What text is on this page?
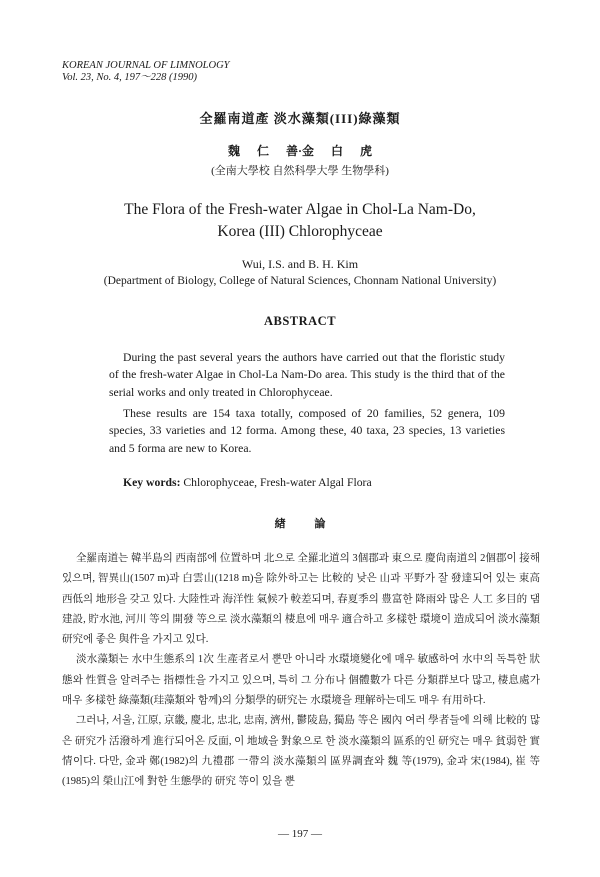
KOREAN JOURNAL OF LIMNOLOGY
Vol. 23, No. 4, 197～228 (1990)
全羅南道產 淡水藻類(III)綠藻類
魏 仁 善·金 白 虎
(全南大學校 自然科學大學 生物學科)
The Flora of the Fresh-water Algae in Chol-La Nam-Do,
Korea (III) Chlorophyceae
Wui, I.S. and B. H. Kim
(Department of Biology, College of Natural Sciences, Chonnam National University)
ABSTRACT

During the past several years the authors have carried out that the floristic study of the fresh-water Algae in Chol-La Nam-Do area. This study is the third that of the serial works and only treated in Chlorophyceae.

These results are 154 taxa totally, composed of 20 families, 52 genera, 109 species, 33 varieties and 12 forma. Among these, 40 taxa, 23 species, 13 varieties and 5 forma are new to Korea.

Key words: Chlorophyceae, Fresh-water Algal Flora

緖 論

全羅南道는 韓半島의 西南部에 位置하며 北으로 全羅北道의 3個郡과 東으로 慶尙南道의 2個郡이 接해 있으며, 智異山(1507 m)과 白雲山(1218 m)을 除外하고는 比較的 낮은 山과 平野가 잘 發達되어 있는 東高西低의 地形을 갖고 있다. 大陸性과 海洋性 氣候가 較差되며, 春夏季의 豊富한 降雨와 많은 人工 多目的 댐 建設, 貯水池, 河川 等의 開發 等으로 淡水藻類의 棲息에 매우 適合하고 多樣한 環境이 造成되어 淡水藻類研究에 좋은 與件을 가지고 있다.

淡水藻類는 水中生態系의 1次 生產者로서 뿐만 아니라 水環境變化에 매우 敏感하여 水中의 독특한 狀態와 性質을 알려주는 指標性을 가지고 있으며, 특히 그 分布나 個體數가 다른 分類群보다 많고, 棲息處가 매우 多樣한 綠藻類(珪藻類와 함께)의 分類學的研究는 水環境을 理解하는데도 매우 有用하다.

그러나, 서울, 江原, 京畿, 慶北, 忠北, 忠南, 濟州, 鬱陵島, 獨島 等은 國內 여러 學者들에 의해 比較的 많은 研究가 活潑하게 進行되어온 反面, 이 地域을 對象으로 한 淡水藻類의 區系的인 研究는 매우 貧弱한 實情이다. 다만, 金과 鄭(1982)의 九禮郡 一帶의 淡水藻類의 區界調査와 魏 等(1979), 金과 宋(1984), 崔 等(1985)의 榮山江에 對한 生態學的 研究 等이 있을 뿐

— 197 —
